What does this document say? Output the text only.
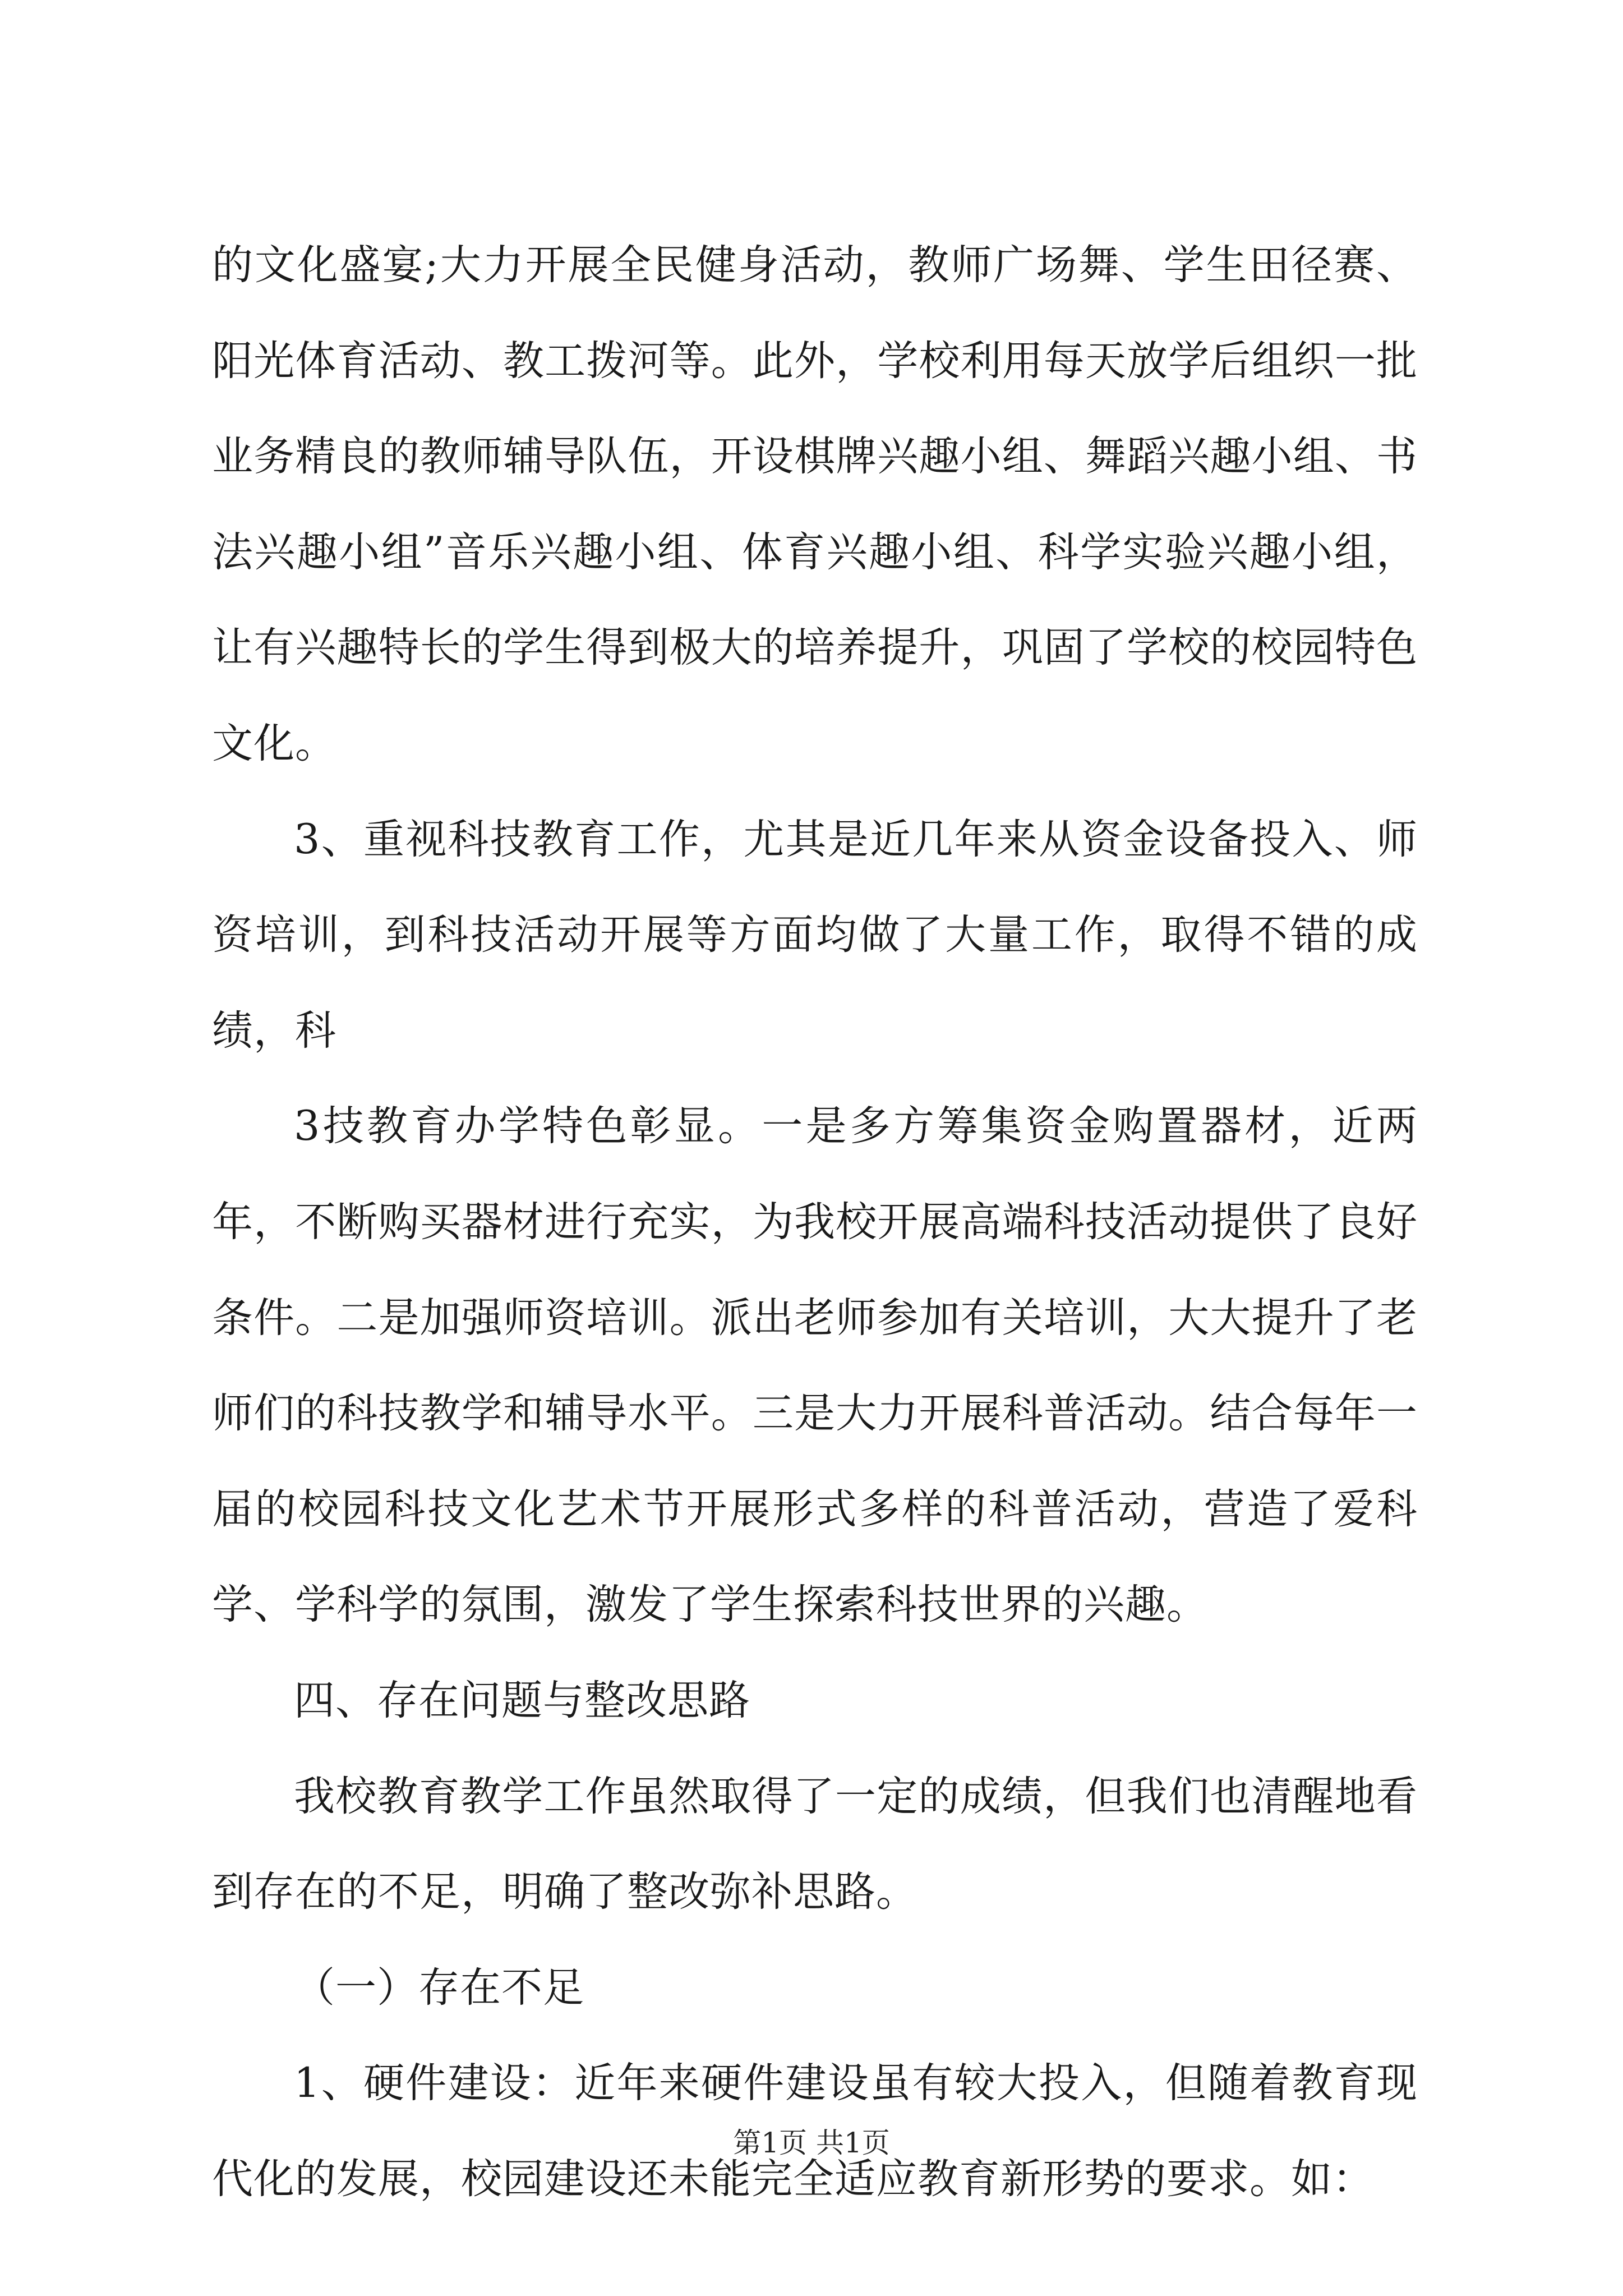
的文化盛宴;大力开展全民健身活动，教师广场舞、学生田径赛、阳光体育活动、教工拨河等。此外，学校利用每天放学后组织一批业务精良的教师辅导队伍，开设棋牌兴趣小组、舞蹈兴趣小组、书法兴趣小组”音乐兴趣小组、体育兴趣小组、科学实验兴趣小组，让有兴趣特长的学生得到极大的培养提升，巩固了学校的校园特色文化。

3、重视科技教育工作，尤其是近几年来从资金设备投入、师资培训，到科技活动开展等方面均做了大量工作，取得不错的成绩，科

3技教育办学特色彰显。一是多方筹集资金购置器材，近两年，不断购买器材进行充实，为我校开展高端科技活动提供了良好条件。二是加强师资培训。派出老师参加有关培训，大大提升了老师们的科技教学和辅导水平。三是大力开展科普活动。结合每年一届的校园科技文化艺术节开展形式多样的科普活动，营造了爱科学、学科学的氛围，激发了学生探索科技世界的兴趣。

四、存在问题与整改思路

我校教育教学工作虽然取得了一定的成绩，但我们也清醒地看到存在的不足，明确了整改弥补思路。

（一）存在不足

1、硬件建设：近年来硬件建设虽有较大投入，但随着教育现代化的发展，校园建设还未能完全适应教育新形势的要求。如：

第1页 共1页
